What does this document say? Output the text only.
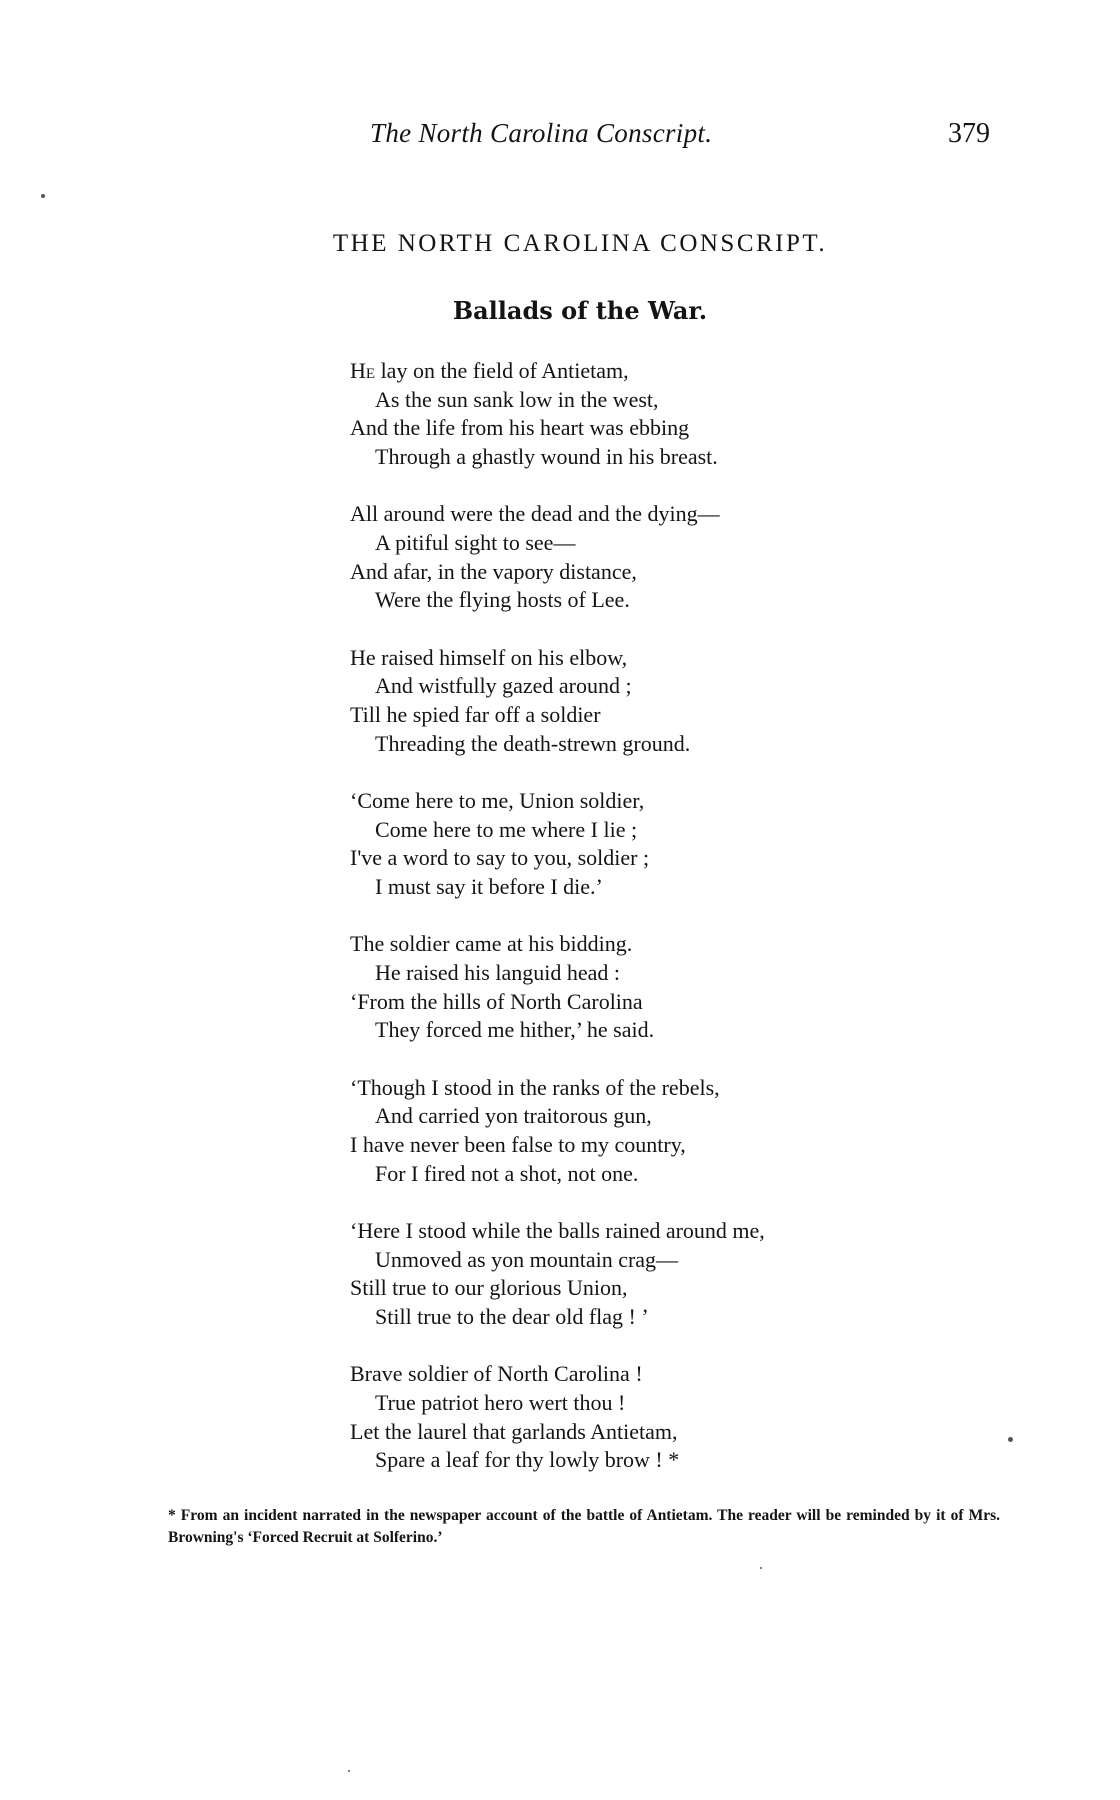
The North Carolina Conscript.	379
THE NORTH CAROLINA CONSCRIPT.
Ballads of the War.
He lay on the field of Antietam,
As the sun sank low in the west,
And the life from his heart was ebbing
Through a ghastly wound in his breast.
All around were the dead and the dying—
A pitiful sight to see—
And afar, in the vapory distance,
Were the flying hosts of Lee.
He raised himself on his elbow,
And wistfully gazed around ;
Till he spied far off a soldier
Threading the death-strewn ground.
‘Come here to me, Union soldier,
Come here to me where I lie ;
I've a word to say to you, soldier ;
I must say it before I die.’
The soldier came at his bidding.
He raised his languid head :
‘From the hills of North Carolina
They forced me hither,’ he said.
‘Though I stood in the ranks of the rebels,
And carried yon traitorous gun,
I have never been false to my country,
For I fired not a shot, not one.
‘Here I stood while the balls rained around me,
Unmoved as yon mountain crag—
Still true to our glorious Union,
Still true to the dear old flag ! ’
Brave soldier of North Carolina !
True patriot hero wert thou !
Let the laurel that garlands Antietam,
Spare a leaf for thy lowly brow ! *
* From an incident narrated in the newspaper account of the battle of Antietam. The reader will be reminded by it of Mrs. Browning's ‘Forced Recruit at Solferino.’
